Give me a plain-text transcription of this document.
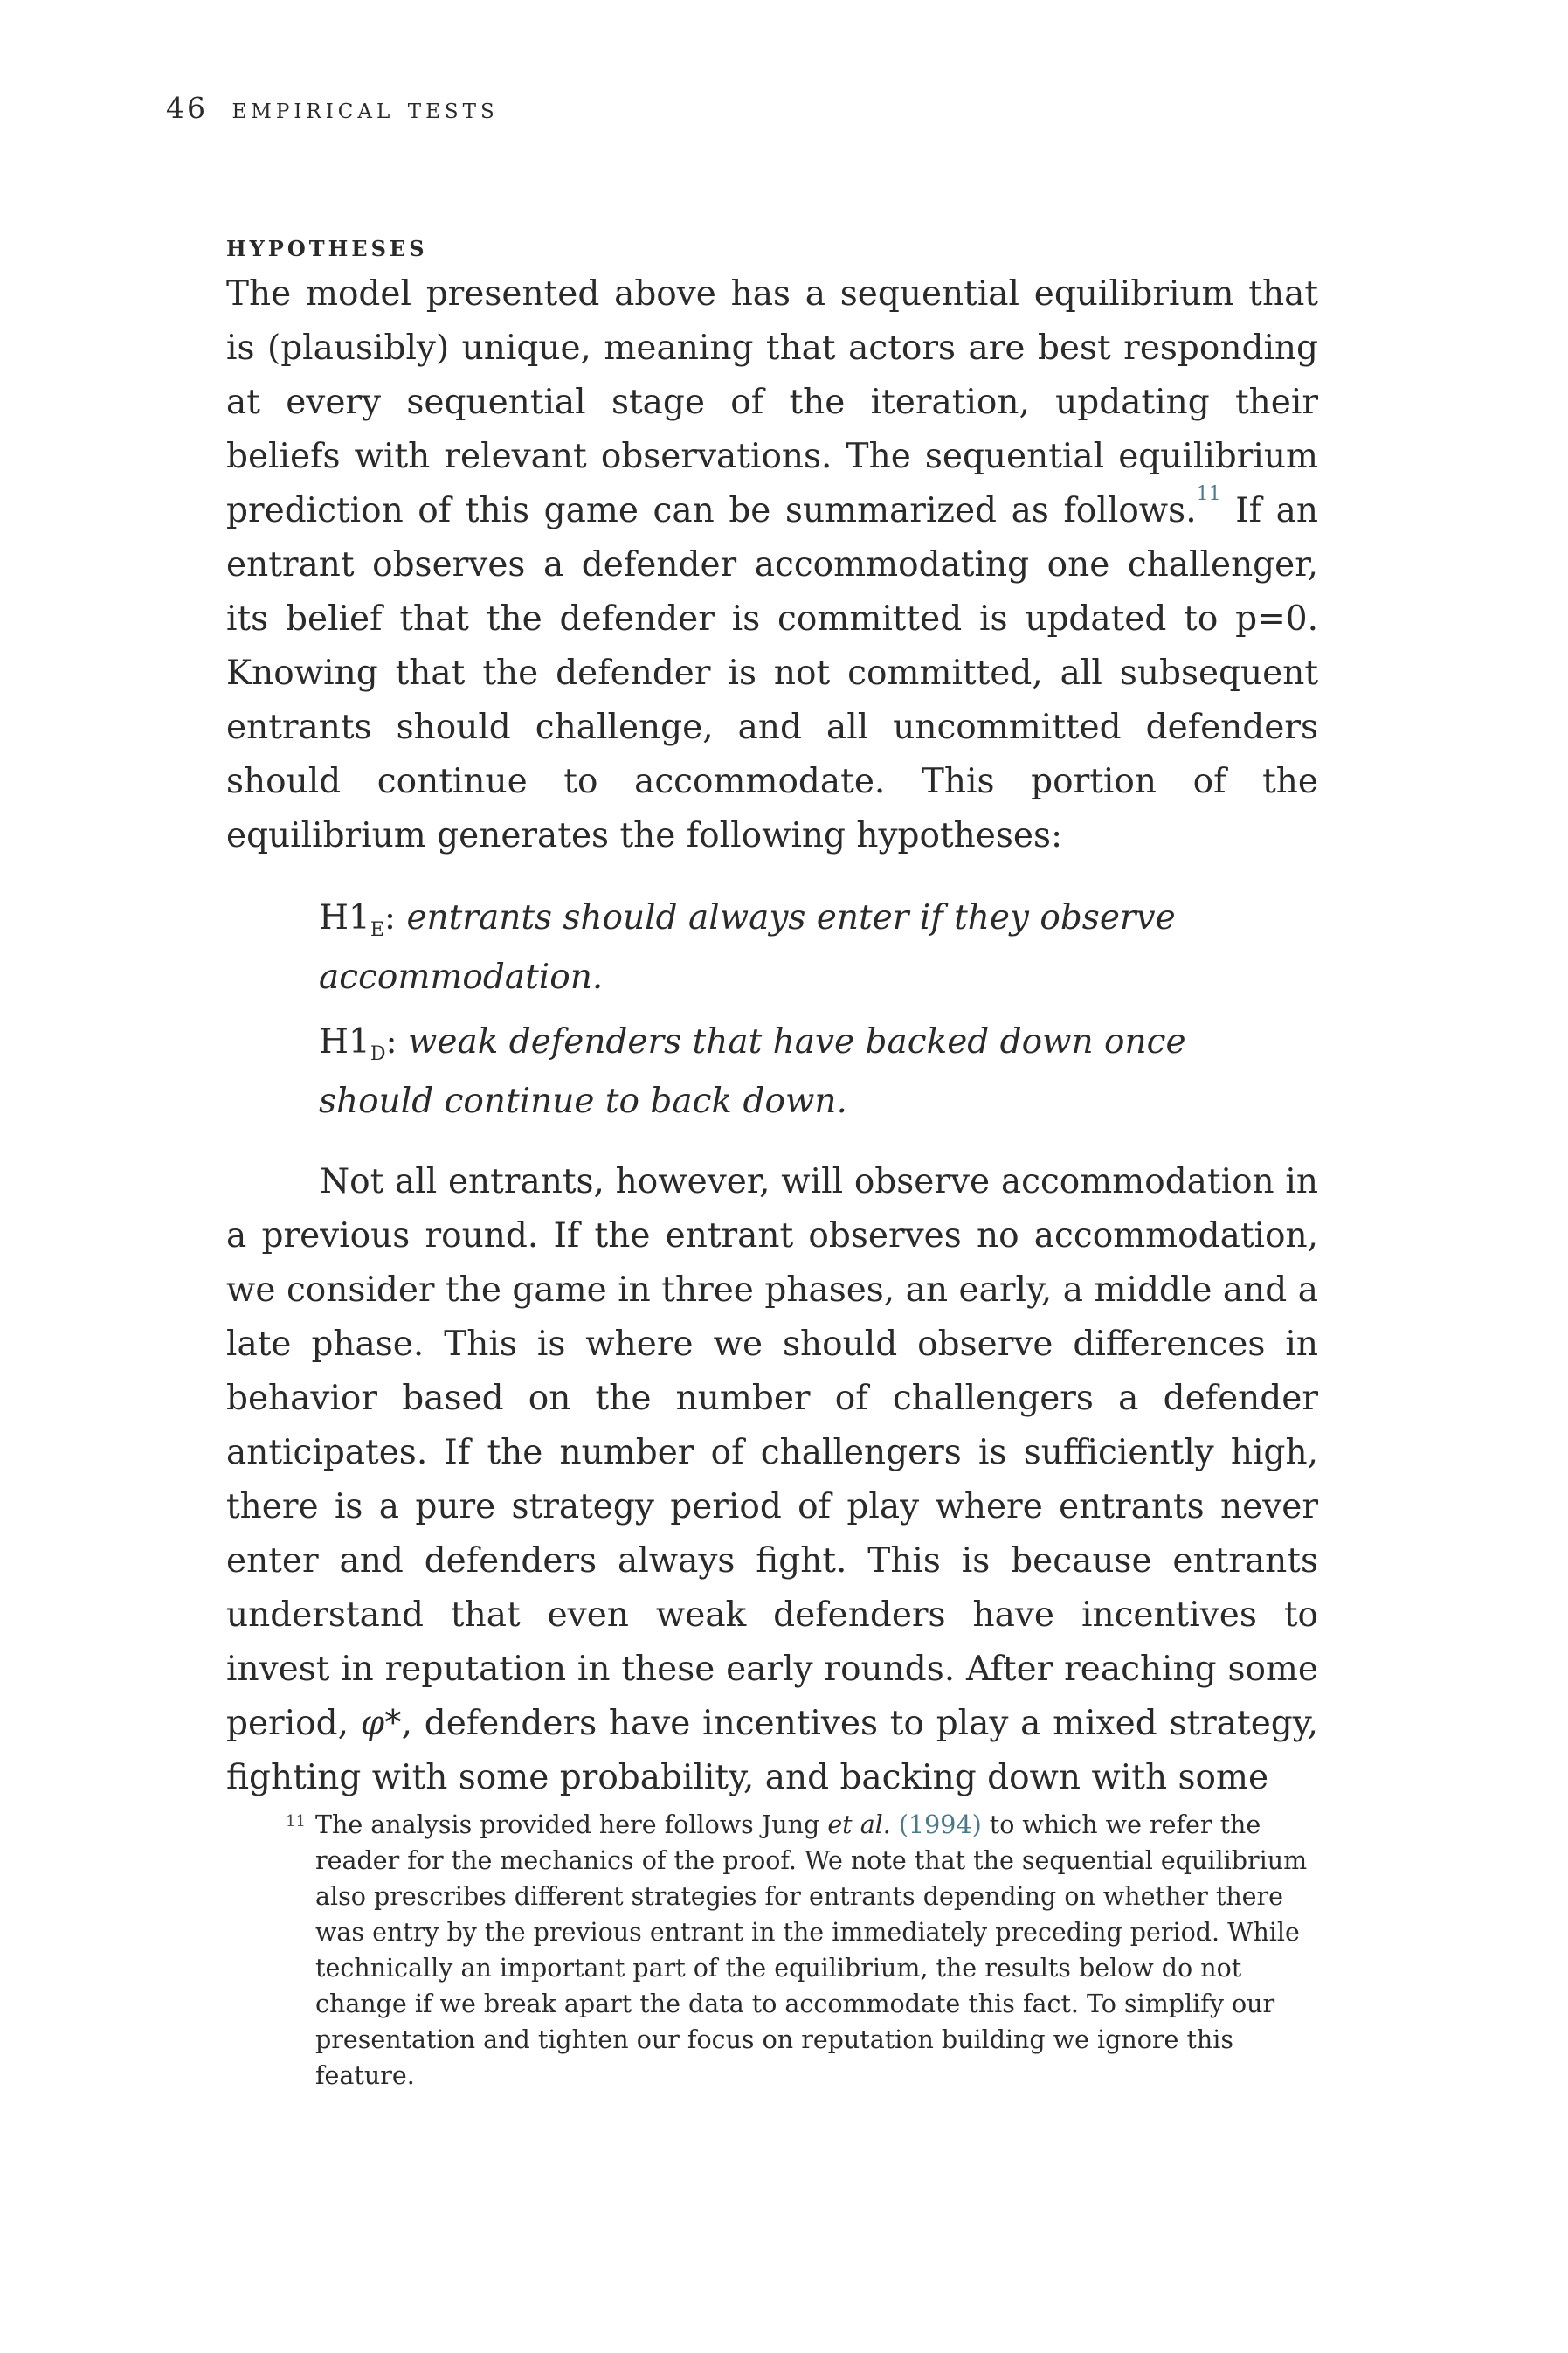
46 empirical tests
hypotheses

The model presented above has a sequential equilibrium that is (plausibly) unique, meaning that actors are best responding at every sequential stage of the iteration, updating their beliefs with relevant observations. The sequential equilibrium prediction of this game can be summarized as follows.$^{11}$ If an entrant observes a defender accommodating one challenger, its belief that the defender is committed is updated to p=0. Knowing that the defender is not committed, all subsequent entrants should challenge, and all uncommitted defenders should continue to accommodate. This portion of the equilibrium generates the following hypotheses:

$H1_E$: entrants should always enter if they observe accommodation.

$H1_D$: weak defenders that have backed down once should continue to back down.

Not all entrants, however, will observe accommodation in a previous round. If the entrant observes no accommodation, we consider the game in three phases, an early, a middle and a late phase. This is where we should observe differences in behavior based on the number of challengers a defender anticipates. If the number of challengers is sufficiently high, there is a pure strategy period of play where entrants never enter and defenders always fight. This is because entrants understand that even weak defenders have incentives to invest in reputation in these early rounds. After reaching some period, φ*, defenders have incentives to play a mixed strategy, fighting with some probability, and backing down with some

11 The analysis provided here follows Jung et al. (1994) to which we refer the reader for the mechanics of the proof. We note that the sequential equilibrium also prescribes different strategies for entrants depending on whether there was entry by the previous entrant in the immediately preceding period. While technically an important part of the equilibrium, the results below do not change if we break apart the data to accommodate this fact. To simplify our presentation and tighten our focus on reputation building we ignore this feature.
